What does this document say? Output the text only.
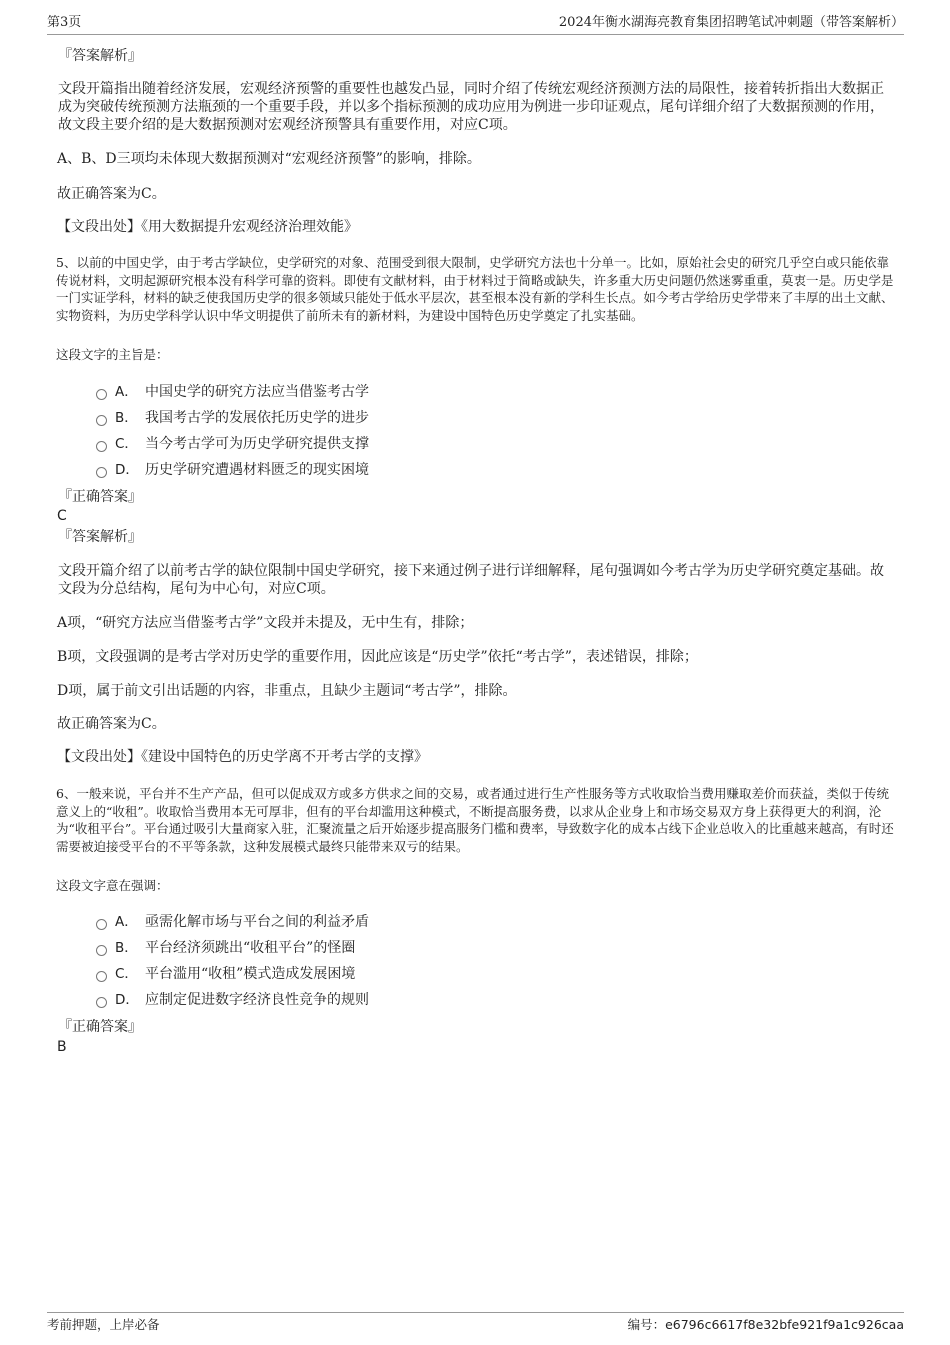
第3页	2024年衡水湖海亮教育集团招聘笔试冲刺题（带答案解析）
『答案解析』
文段开篇指出随着经济发展，宏观经济预警的重要性也越发凸显，同时介绍了传统宏观经济预测方法的局限性，接着转折指出大数据正成为突破传统预测方法瓶颈的一个重要手段，并以多个指标预测的成功应用为例进一步印证观点，尾句详细介绍了大数据预测的作用，故文段主要介绍的是大数据预测对宏观经济预警具有重要作用，对应C项。
A、B、D三项均未体现大数据预测对“宏观经济预警”的影响，排除。
故正确答案为C。
【文段出处】《用大数据提升宏观经济治理效能》
5、以前的中国史学，由于考古学缺位，史学研究的对象、范围受到很大限制，史学研究方法也十分单一。比如，原始社会史的研究几乎空白或只能依靠传说材料，文明起源研究根本没有科学可靠的资料。即使有文献材料，由于材料过于简略或缺失，许多重大历史问题仍然迷雾重重，莫衷一是。历史学是一门实证学科，材料的缺乏使我国历史学的很多领域只能处于低水平层次，甚至根本没有新的学科生长点。如今考古学给历史学带来了丰厚的出土文献、实物资料，为历史学科学认识中华文明提供了前所未有的新材料，为建设中国特色历史学奠定了扎实基础。
这段文字的主旨是：
A． 中国史学的研究方法应当借鉴考古学
B． 我国考古学的发展依托历史学的进步
C． 当今考古学可为历史学研究提供支撑
D． 历史学研究遭遇材料匮乏的现实困境
『正确答案』
C
『答案解析』
文段开篇介绍了以前考古学的缺位限制中国史学研究，接下来通过例子进行详细解释，尾句强调如今考古学为历史学研究奠定基础。故文段为分总结构，尾句为中心句，对应C项。
A项，“研究方法应当借鉴考古学”文段并未提及，无中生有，排除；
B项，文段强调的是考古学对历史学的重要作用，因此应该是“历史学”依托“考古学”，表述错误，排除；
D项，属于前文引出话题的内容，非重点，且缺少主题词“考古学”，排除。
故正确答案为C。
【文段出处】《建设中国特色的历史学离不开考古学的支撑》
6、一般来说，平台并不生产产品，但可以促成双方或多方供求之间的交易，或者通过进行生产性服务等方式收取恰当费用赚取差价而获益，类似于传统意义上的“收租”。收取恰当费用本无可厚非，但有的平台却滥用这种模式，不断提高服务费，以求从企业身上和市场交易双方身上获得更大的利润，沦为“收租平台”。平台通过吸引大量商家入驻，汇聚流量之后开始逐步提高服务门槛和费率，导致数字化的成本占线下企业总收入的比重越来越高，有时还需要被迫接受平台的不平等条款，这种发展模式最终只能带来双亏的结果。
这段文字意在强调：
A． 亟需化解市场与平台之间的利益矛盾
B． 平台经济须跳出“收租平台”的怪圈
C． 平台滥用“收租”模式造成发展困境
D． 应制定促进数字经济良性竞争的规则
『正确答案』
B
考前押题，上岸必备	编号：e6796c6617f8e32bfe921f9a1c926caa
